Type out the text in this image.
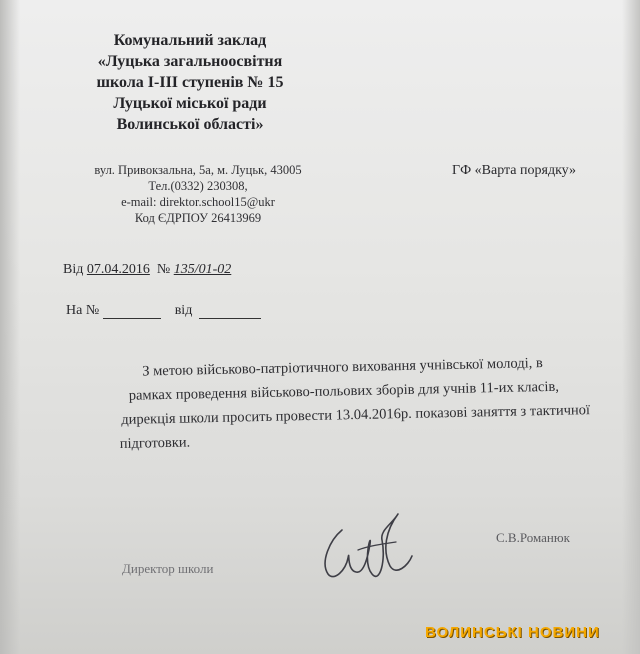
Комунальний заклад
«Луцька загальноосвітня
школа І-ІІІ ступенів № 15
Луцької міської ради
Волинської області»
вул. Привокзальна, 5а, м. Луцьк, 43005
Тел.(0332) 230308,
e-mail: direktor.school15@ukr
Код ЄДРПОУ 26413969
ГФ «Варта порядку»
Від 07.04.2016 № 135/01-02
На №	від
З метою військово-патріотичного виховання учнівської молоді, в
рамках проведення військово-польових зборів для учнів 11-их класів,
дирекція школи просить провести 13.04.2016р. показові заняття з тактичної
підготовки.
Директор школи
С.В.Романюк
ВОЛИНСЬКІ НОВИНИ
